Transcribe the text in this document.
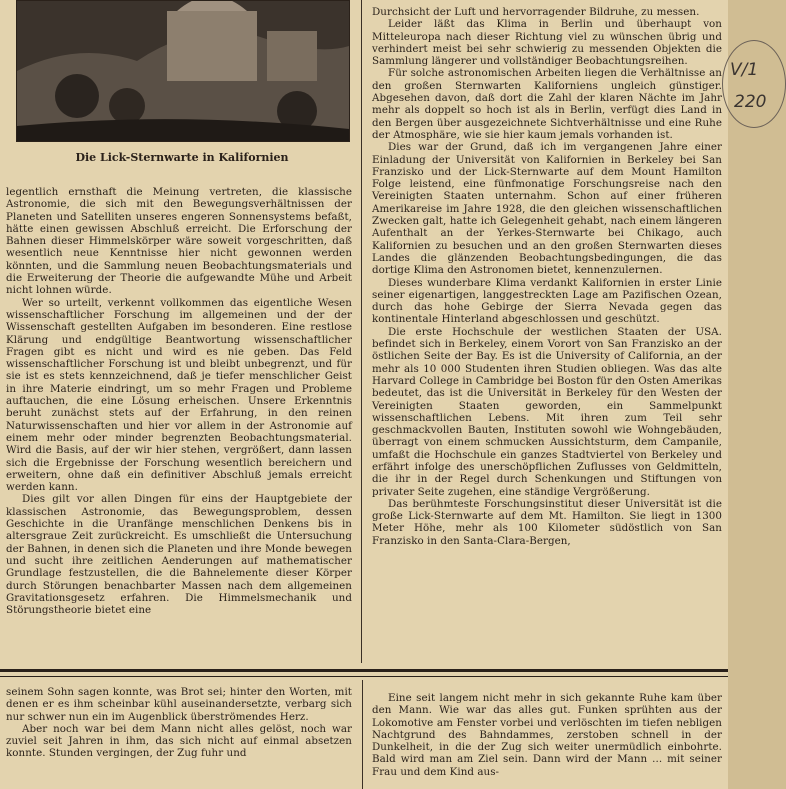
Die Lick-Sternwarte in Kalifornien

legentlich ernsthaft die Meinung vertreten, die klassische Astronomie, die sich mit den Bewegungsverhältnissen der Planeten und Satelliten unseres engeren Sonnensystems befaßt, hätte einen gewissen Abschluß erreicht. Die Erforschung der Bahnen dieser Himmelskörper wäre soweit vorgeschritten, daß wesentlich neue Kenntnisse hier nicht gewonnen werden könnten, und die Sammlung neuen Beobachtungsmaterials und die Erweiterung der Theorie die aufgewandte Mühe und Arbeit nicht lohnen würde.

Wer so urteilt, verkennt vollkommen das eigentliche Wesen wissenschaftlicher Forschung im allgemeinen und der der Wissenschaft gestellten Aufgaben im besonderen. Eine restlose Klärung und endgültige Beantwortung wissenschaftlicher Fragen gibt es nicht und wird es nie geben. Das Feld wissenschaftlicher Forschung ist und bleibt unbegrenzt, und für sie ist es stets kennzeichnend, daß je tiefer menschlicher Geist in ihre Materie eindringt, um so mehr Fragen und Probleme auftauchen, die eine Lösung erheischen. Unsere Erkenntnis beruht zunächst stets auf der Erfahrung, in den reinen Naturwissenschaften und hier vor allem in der Astronomie auf einem mehr oder minder begrenzten Beobachtungsmaterial. Wird die Basis, auf der wir hier stehen, vergrößert, dann lassen sich die Ergebnisse der Forschung wesentlich bereichern und erweitern, ohne daß ein definitiver Abschluß jemals erreicht werden kann.

Dies gilt vor allen Dingen für eins der Hauptgebiete der klassischen Astronomie, das Bewegungsproblem, dessen Geschichte in die Uranfänge menschlichen Denkens bis in altersgraue Zeit zurückreicht. Es umschließt die Untersuchung der Bahnen, in denen sich die Planeten und ihre Monde bewegen und sucht ihre zeitlichen Aenderungen auf mathematischer Grundlage festzustellen, die die Bahnelemente dieser Körper durch Störungen benachbarter Massen nach dem allgemeinen Gravitationsgesetz erfahren. Die Himmelsmechanik und Störungstheorie bietet eine

Durchsicht der Luft und hervorragender Bildruhe, zu messen.

Leider läßt das Klima in Berlin und überhaupt von Mitteleuropa nach dieser Richtung viel zu wünschen übrig und verhindert meist bei sehr schwierig zu messenden Objekten die Sammlung längerer und vollständiger Beobachtungsreihen.

Für solche astronomischen Arbeiten liegen die Verhältnisse an den großen Sternwarten Kaliforniens ungleich günstiger. Abgesehen davon, daß dort die Zahl der klaren Nächte im Jahr mehr als doppelt so hoch ist als in Berlin, verfügt dies Land in den Bergen über ausgezeichnete Sichtverhältnisse und eine Ruhe der Atmosphäre, wie sie hier kaum jemals vorhanden ist.

Dies war der Grund, daß ich im vergangenen Jahre einer Einladung der Universität von Kalifornien in Berkeley bei San Franzisko und der Lick-Sternwarte auf dem Mount Hamilton Folge leistend, eine fünfmonatige Forschungsreise nach den Vereinigten Staaten unternahm. Schon auf einer früheren Amerikareise im Jahre 1928, die den gleichen wissenschaftlichen Zwecken galt, hatte ich Gelegenheit gehabt, nach einem längeren Aufenthalt an der Yerkes-Sternwarte bei Chikago, auch Kalifornien zu besuchen und an den großen Sternwarten dieses Landes die glänzenden Beobachtungsbedingungen, die das dortige Klima den Astronomen bietet, kennenzulernen.

Dieses wunderbare Klima verdankt Kalifornien in erster Linie seiner eigenartigen, langgestreckten Lage am Pazifischen Ozean, durch das hohe Gebirge der Sierra Nevada gegen das kontinentale Hinterland abgeschlossen und geschützt.

Die erste Hochschule der westlichen Staaten der USA. befindet sich in Berkeley, einem Vorort von San Franzisko an der östlichen Seite der Bay. Es ist die University of California, an der mehr als 10 000 Studenten ihren Studien obliegen. Was das alte Harvard College in Cambridge bei Boston für den Osten Amerikas bedeutet, das ist die Universität in Berkeley für den Westen der Vereinigten Staaten geworden, ein Sammelpunkt wissenschaftlichen Lebens. Mit ihren zum Teil sehr geschmackvollen Bauten, Instituten sowohl wie Wohngebäuden, überragt von einem schmucken Aussichtsturm, dem Campanile, umfaßt die Hochschule ein ganzes Stadtviertel von Berkeley und erfährt infolge des unerschöpflichen Zuflusses von Geldmitteln, die ihr in der Regel durch Schenkungen und Stiftungen von privater Seite zugehen, eine ständige Vergrößerung.

Das berühmteste Forschungsinstitut dieser Universität ist die große Lick-Sternwarte auf dem Mt. Hamilton. Sie liegt in 1300 Meter Höhe, mehr als 100 Kilometer südöstlich von San Franzisko in den Santa-Clara-Bergen,

seinem Sohn sagen konnte, was Brot sei; hinter den Worten, mit denen er es ihm scheinbar kühl auseinandersetzte, verbarg sich nur schwer nun ein im Augenblick überströmendes Herz.

Aber noch war bei dem Mann nicht alles gelöst, noch war zuviel seit Jahren in ihm, das sich nicht auf einmal absetzen konnte. Stunden vergingen, der Zug fuhr und

Eine seit langem nicht mehr in sich gekannte Ruhe kam über den Mann. Wie war das alles gut. Funken sprühten aus der Lokomotive am Fenster vorbei und verlöschten im tiefen nebligen Nachtgrund des Bahndammes, zerstoben schnell in der Dunkelheit, in die der Zug sich weiter unermüdlich einbohrte. Bald wird man am Ziel sein. Dann wird der Mann ... mit seiner Frau und dem Kind aus-

V/1
220
